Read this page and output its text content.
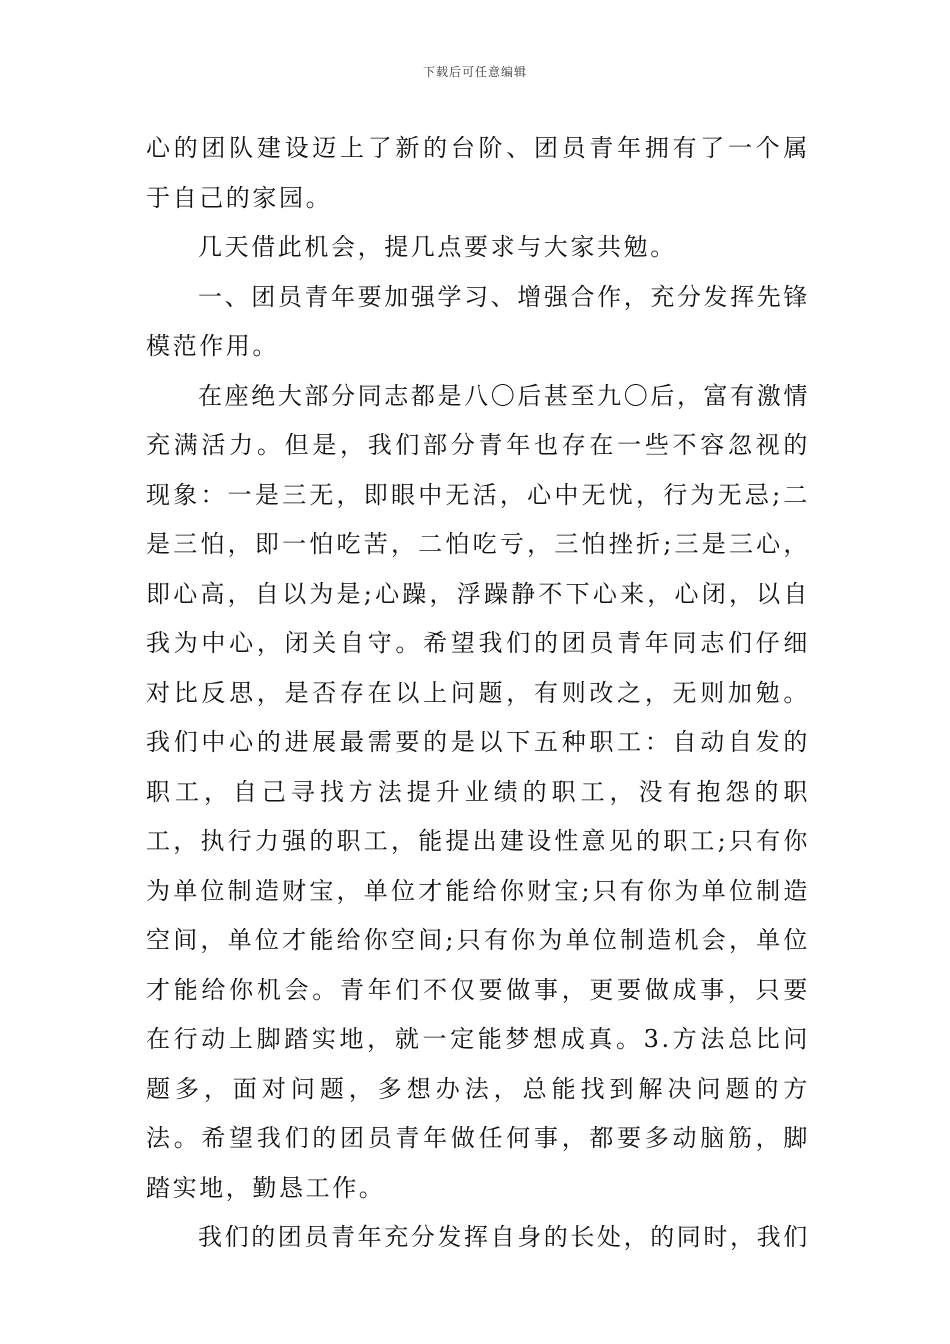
下载后可任意编辑

心的团队建设迈上了新的台阶、团员青年拥有了一个属于自己的家园。

几天借此机会，提几点要求与大家共勉。

一、团员青年要加强学习、增强合作，充分发挥先锋模范作用。

在座绝大部分同志都是八〇后甚至九〇后，富有激情充满活力。但是，我们部分青年也存在一些不容忽视的现象：一是三无，即眼中无活，心中无忧，行为无忌;二是三怕，即一怕吃苦，二怕吃亏，三怕挫折;三是三心，即心高，自以为是;心躁，浮躁静不下心来，心闭，以自我为中心，闭关自守。希望我们的团员青年同志们仔细对比反思，是否存在以上问题，有则改之，无则加勉。我们中心的进展最需要的是以下五种职工：自动自发的职工，自己寻找方法提升业绩的职工，没有抱怨的职工，执行力强的职工，能提出建设性意见的职工;只有你为单位制造财宝，单位才能给你财宝;只有你为单位制造空间，单位才能给你空间;只有你为单位制造机会，单位才能给你机会。青年们不仅要做事，更要做成事，只要在行动上脚踏实地，就一定能梦想成真。3.方法总比问题多，面对问题，多想办法，总能找到解决问题的方法。希望我们的团员青年做任何事，都要多动脑筋，脚踏实地，勤恳工作。

我们的团员青年充分发挥自身的长处，的同时，我们
